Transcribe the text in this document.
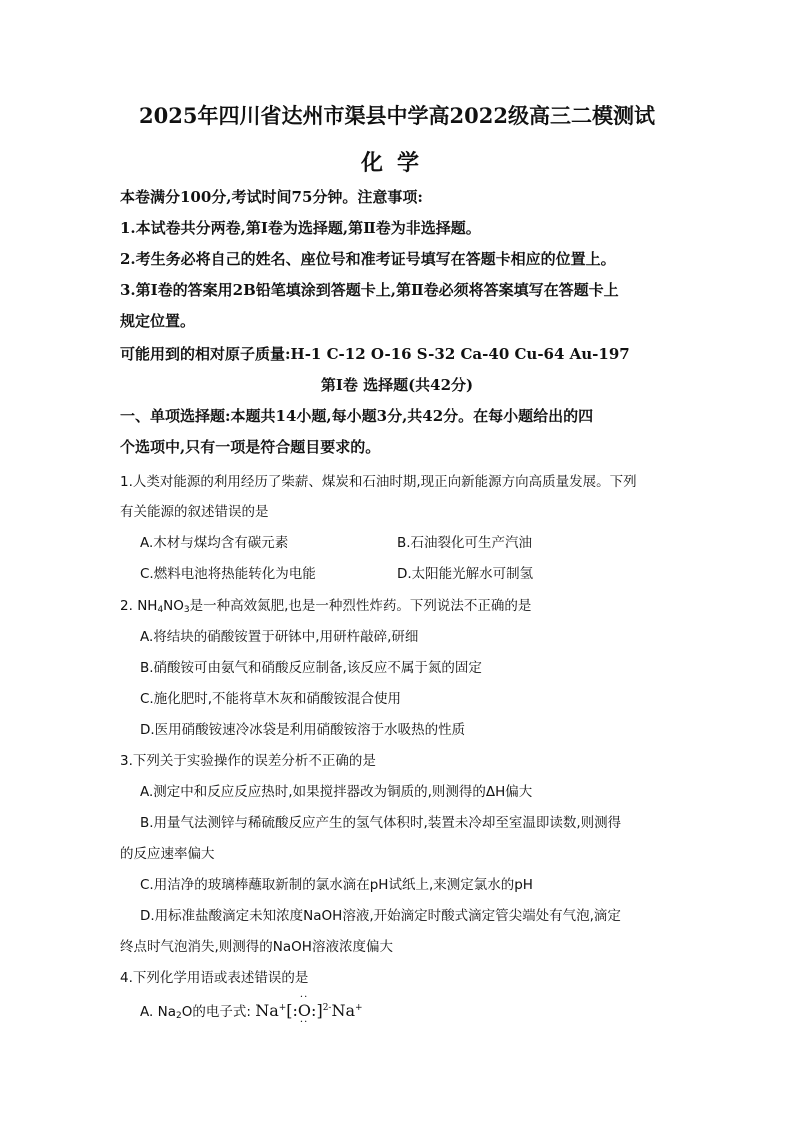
2025年四川省达州市渠县中学高2022级高三二模测试
化学
本卷满分100分,考试时间75分钟。注意事项:
1.本试卷共分两卷,第Ⅰ卷为选择题,第Ⅱ卷为非选择题。
2.考生务必将自己的姓名、座位号和准考证号填写在答题卡相应的位置上。
3.第Ⅰ卷的答案用2B铅笔填涂到答题卡上,第Ⅱ卷必须将答案填写在答题卡上
规定位置。
可能用到的相对原子质量:H-1 C-12 O-16 S-32 Ca-40 Cu-64 Au-197
第Ⅰ卷 选择题(共42分)
一、单项选择题:本题共14小题,每小题3分,共42分。在每小题给出的四
个选项中,只有一项是符合题目要求的。
1.人类对能源的利用经历了柴薪、煤炭和石油时期,现正向新能源方向高质量发展。下列
有关能源的叙述错误的是
A.木材与煤均含有碳元素	B.石油裂化可生产汽油
C.燃料电池将热能转化为电能	D.太阳能光解水可制氢
2. $NH_4NO_3$是一种高效氮肥,也是一种烈性炸药。下列说法不正确的是
A.将结块的硝酸铵置于研钵中,用研杵敲碎,研细
B.硝酸铵可由氨气和硝酸反应制备,该反应不属于氮的固定
C.施化肥时,不能将草木灰和硝酸铵混合使用
D.医用硝酸铵速冷冰袋是利用硝酸铵溶于水吸热的性质
3.下列关于实验操作的误差分析不正确的是
A.测定中和反应反应热时,如果搅拌器改为铜质的,则测得的ΔH偏大
B.用量气法测锌与稀硫酸反应产生的氢气体积时,装置未冷却至室温即读数,则测得
的反应速率偏大
C.用洁净的玻璃棒蘸取新制的氯水滴在pH试纸上,来测定氯水的pH
D.用标准盐酸滴定未知浓度NaOH溶液,开始滴定时酸式滴定管尖端处有气泡,滴定
终点时气泡消失,则测得的NaOH溶液浓度偏大
4.下列化学用语或表述错误的是
A. $Na_2O$的电子式: Na+[:
··
O
··
:]$^{2-}$Na+
